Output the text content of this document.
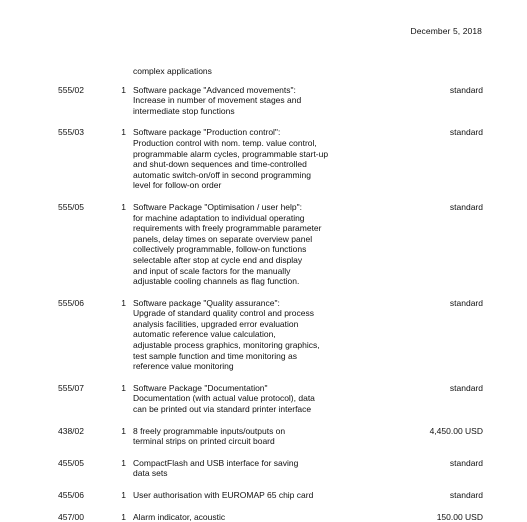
December 5, 2018
complex applications
555/02	1 Software package "Advanced movements":
Increase in number of movement stages and
intermediate stop functions
standard
555/03	1 Software package "Production control":
Production control with nom. temp. value control,
programmable alarm cycles, programmable start-up
and shut-down sequences and time-controlled
automatic switch-on/off in second programming
level for follow-on order
standard
555/05	1 Software Package "Optimisation / user help":
for machine adaptation to individual operating
requirements with freely programmable parameter
panels, delay times on separate overview panel
collectively programmable, follow-on functions
selectable after stop at cycle end and display
and input of scale factors for the manually
adjustable cooling channels as flag function.
standard
555/06	1 Software package "Quality assurance":
Upgrade of standard quality control and process
analysis facilities, upgraded error evaluation
automatic reference value calculation,
adjustable process graphics, monitoring graphics,
test sample function and time monitoring as
reference value monitoring
standard
555/07	1 Software Package "Documentation"
Documentation (with actual value protocol), data
can be printed out via standard printer interface
standard
438/02	1 8 freely programmable inputs/outputs on
terminal strips on printed circuit board
4,450.00 USD
455/05	1 CompactFlash and USB interface for saving
data sets
standard
455/06	1 User authorisation with EUROMAP 65 chip card	standard
457/00	1 Alarm indicator, acoustic	150.00 USD
